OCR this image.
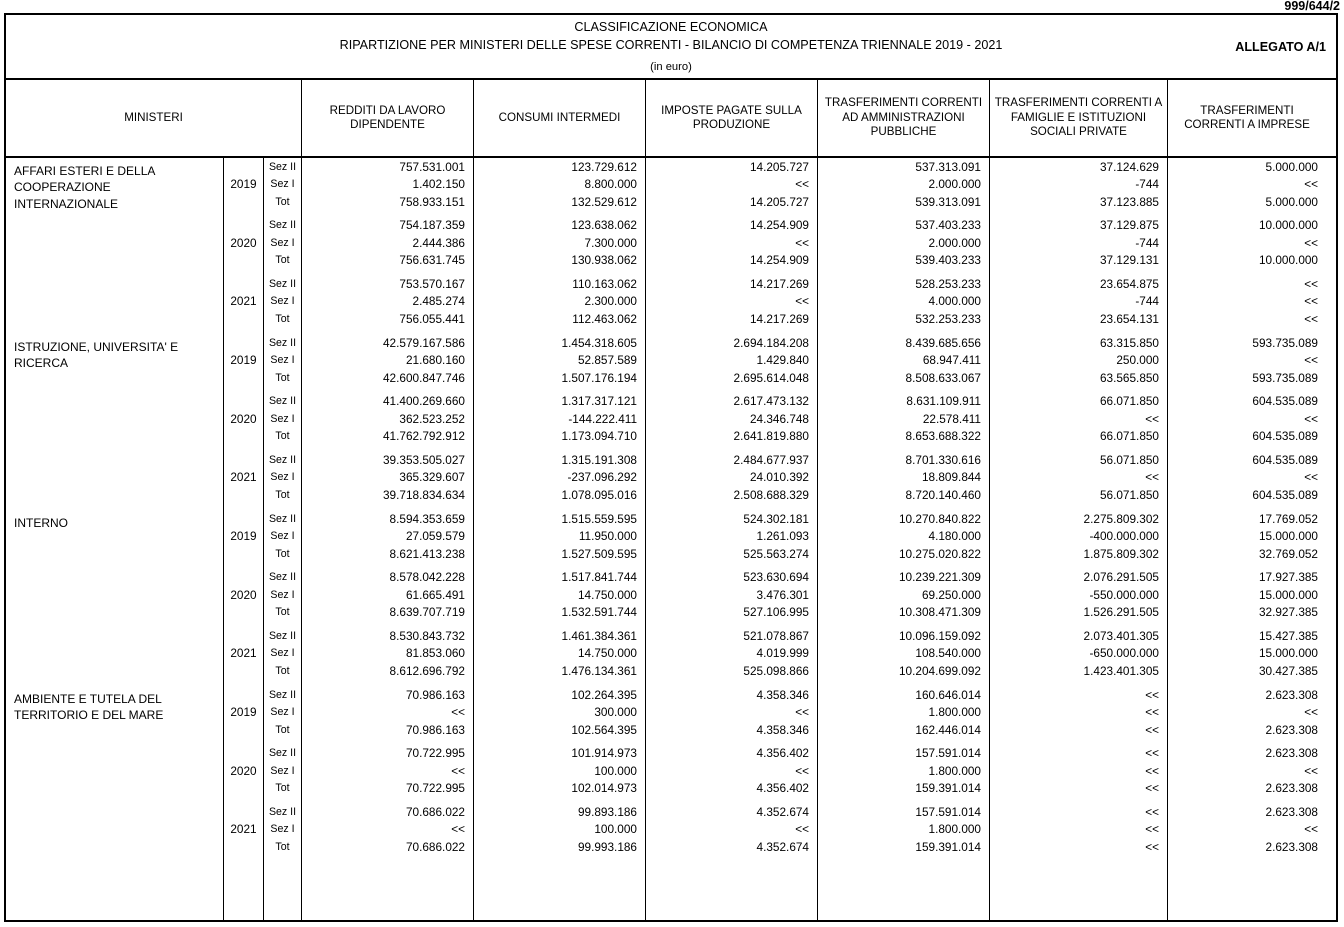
999/644/2
CLASSIFICAZIONE ECONOMICA
RIPARTIZIONE PER MINISTERI DELLE SPESE CORRENTI - BILANCIO DI COMPETENZA TRIENNALE 2019 - 2021
(in euro)
ALLEGATO A/1
MINISTERI
REDDITI DA LAVORO DIPENDENTE
CONSUMI INTERMEDI
IMPOSTE PAGATE SULLA PRODUZIONE
TRASFERIMENTI CORRENTI AD AMMINISTRAZIONI PUBBLICHE
TRASFERIMENTI CORRENTI A FAMIGLIE E ISTITUZIONI SOCIALI PRIVATE
TRASFERIMENTI CORRENTI A IMPRESE
AFFARI ESTERI E DELLA
COOPERAZIONE
INTERNAZIONALE
ISTRUZIONE, UNIVERSITA' E
RICERCA
INTERNO
AMBIENTE E TUTELA DEL
TERRITORIO E DEL MARE
2019
2020
2021
2019
2020
2021
2019
2020
2021
2019
2020
2021
Sez II
Sez I
Tot
Sez II
Sez I
Tot
Sez II
Sez I
Tot
Sez II
Sez I
Tot
Sez II
Sez I
Tot
Sez II
Sez I
Tot
Sez II
Sez I
Tot
Sez II
Sez I
Tot
Sez II
Sez I
Tot
Sez II
Sez I
Tot
Sez II
Sez I
Tot
Sez II
Sez I
Tot
757.531.001
1.402.150
758.933.151
754.187.359
2.444.386
756.631.745
753.570.167
2.485.274
756.055.441
42.579.167.586
21.680.160
42.600.847.746
41.400.269.660
362.523.252
41.762.792.912
39.353.505.027
365.329.607
39.718.834.634
8.594.353.659
27.059.579
8.621.413.238
8.578.042.228
61.665.491
8.639.707.719
8.530.843.732
81.853.060
8.612.696.792
70.986.163
<<
70.986.163
70.722.995
<<
70.722.995
70.686.022
<<
70.686.022
123.729.612
8.800.000
132.529.612
123.638.062
7.300.000
130.938.062
110.163.062
2.300.000
112.463.062
1.454.318.605
52.857.589
1.507.176.194
1.317.317.121
-144.222.411
1.173.094.710
1.315.191.308
-237.096.292
1.078.095.016
1.515.559.595
11.950.000
1.527.509.595
1.517.841.744
14.750.000
1.532.591.744
1.461.384.361
14.750.000
1.476.134.361
102.264.395
300.000
102.564.395
101.914.973
100.000
102.014.973
99.893.186
100.000
99.993.186
14.205.727
<<
14.205.727
14.254.909
<<
14.254.909
14.217.269
<<
14.217.269
2.694.184.208
1.429.840
2.695.614.048
2.617.473.132
24.346.748
2.641.819.880
2.484.677.937
24.010.392
2.508.688.329
524.302.181
1.261.093
525.563.274
523.630.694
3.476.301
527.106.995
521.078.867
4.019.999
525.098.866
4.358.346
<<
4.358.346
4.356.402
<<
4.356.402
4.352.674
<<
4.352.674
537.313.091
2.000.000
539.313.091
537.403.233
2.000.000
539.403.233
528.253.233
4.000.000
532.253.233
8.439.685.656
68.947.411
8.508.633.067
8.631.109.911
22.578.411
8.653.688.322
8.701.330.616
18.809.844
8.720.140.460
10.270.840.822
4.180.000
10.275.020.822
10.239.221.309
69.250.000
10.308.471.309
10.096.159.092
108.540.000
10.204.699.092
160.646.014
1.800.000
162.446.014
157.591.014
1.800.000
159.391.014
157.591.014
1.800.000
159.391.014
37.124.629
-744
37.123.885
37.129.875
-744
37.129.131
23.654.875
-744
23.654.131
63.315.850
250.000
63.565.850
66.071.850
<<
66.071.850
56.071.850
<<
56.071.850
2.275.809.302
-400.000.000
1.875.809.302
2.076.291.505
-550.000.000
1.526.291.505
2.073.401.305
-650.000.000
1.423.401.305
<<
<<
<<
<<
<<
<<
<<
<<
<<
5.000.000
<<
5.000.000
10.000.000
<<
10.000.000
<<
<<
<<
593.735.089
<<
593.735.089
604.535.089
<<
604.535.089
604.535.089
<<
604.535.089
17.769.052
15.000.000
32.769.052
17.927.385
15.000.000
32.927.385
15.427.385
15.000.000
30.427.385
2.623.308
<<
2.623.308
2.623.308
<<
2.623.308
2.623.308
<<
2.623.308
